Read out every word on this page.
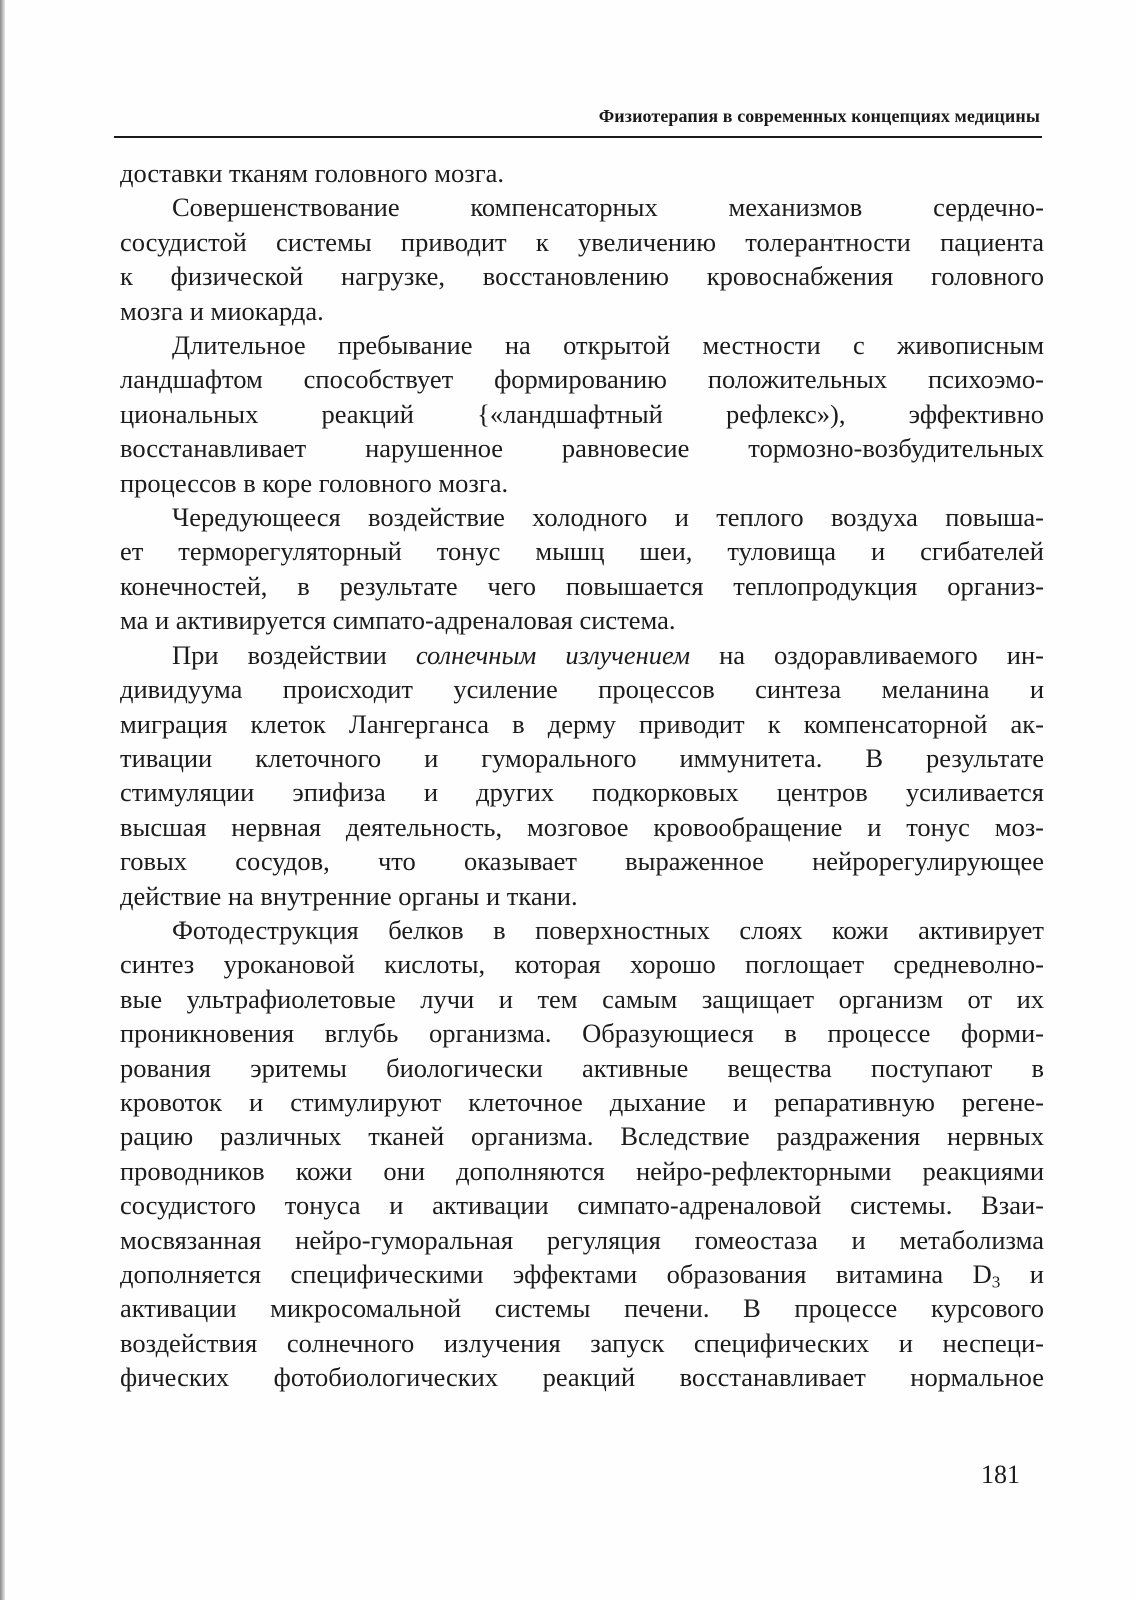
Физиотерапия в современных концепциях медицины

доставки тканям головного мозга.

Совершенствование компенсаторных механизмов сердечно-
сосудистой системы приводит к увеличению толерантности пациента
к физической нагрузке, восстановлению кровоснабжения головного
мозга и миокарда.

Длительное пребывание на открытой местности с живописным
ландшафтом способствует формированию положительных психоэмо-
циональных реакций {«ландшафтный рефлекс»), эффективно
восстанавливает нарушенное равновесие тормозно-возбудительных
процессов в коре головного мозга.

Чередующееся воздействие холодного и теплого воздуха повыша-
ет терморегуляторный тонус мышц шеи, туловища и сгибателей
конечностей, в результате чего повышается теплопродукция организ-
ма и активируется симпато-адреналовая система.

При воздействии солнечным излучением на оздоравливаемого ин-
дивидуума происходит усиление процессов синтеза меланина и
миграция клеток Лангерганса в дерму приводит к компенсаторной ак-
тивации клеточного и гуморального иммунитета. В результате
стимуляции эпифиза и других подкорковых центров усиливается
высшая нервная деятельность, мозговое кровообращение и тонус моз-
говых сосудов, что оказывает выраженное нейрорегулирующее
действие на внутренние органы и ткани.

Фотодеструкция белков в поверхностных слоях кожи активирует
синтез урокановой кислоты, которая хорошо поглощает средневолно-
вые ультрафиолетовые лучи и тем самым защищает организм от их
проникновения вглубь организма. Образующиеся в процессе форми-
рования эритемы биологически активные вещества поступают в
кровоток и стимулируют клеточное дыхание и репаративную регене-
рацию различных тканей организма. Вследствие раздражения нервных
проводников кожи они дополняются нейро-рефлекторными реакциями
сосудистого тонуса и активации симпато-адреналовой системы. Взаи-
мосвязанная нейро-гуморальная регуляция гомеостаза и метаболизма
дополняется специфическими эффектами образования витамина $D_3$ и
активации микросомальной системы печени. В процессе курсового
воздействия солнечного излучения запуск специфических и неспеци-
фических фотобиологических реакций восстанавливает нормальное

181
